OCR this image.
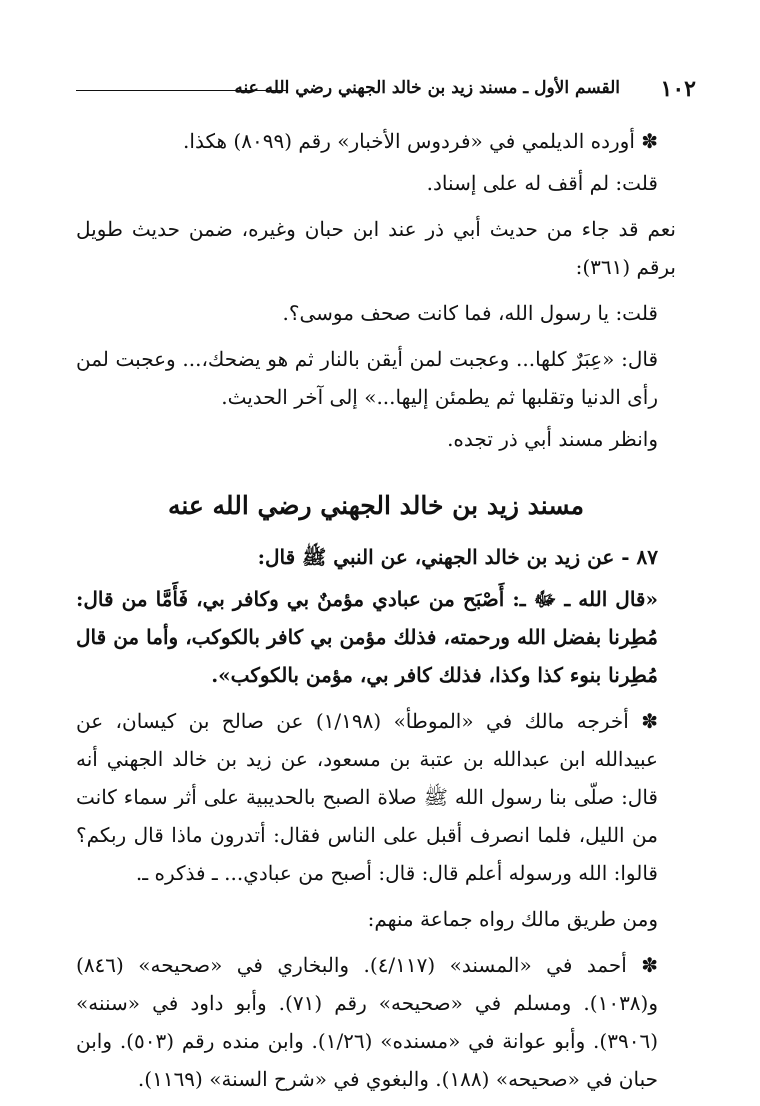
١٠٢
القسم الأول ـ مسند زيد بن خالد الجهني رضي الله عنه

✽ أورده الديلمي في «فردوس الأخبار» رقم (٨٠٩٩) هكذا.

قلت: لم أقف له على إسناد.

نعم قد جاء من حديث أبي ذر عند ابن حبان وغيره، ضمن حديث طويل برقم (٣٦١):

قلت: يا رسول الله، فما كانت صحف موسى؟.

قال: «عِبَرٌ كلها... وعجبت لمن أيقن بالنار ثم هو يضحك،... وعجبت لمن رأى الدنيا وتقلبها ثم يطمئن إليها...» إلى آخر الحديث.

وانظر مسند أبي ذر تجده.

مسند زيد بن خالد الجهني رضي الله عنه

٨٧ - عن زيد بن خالد الجهني، عن النبي ﷺ قال:

«قال الله ـ ﷻ ـ: أَصْبَح من عبادي مؤمنٌ بي وكافر بي، فَأَمَّا من قال: مُطِرنا بفضل الله ورحمته، فذلك مؤمن بي كافر بالكوكب، وأما من قال مُطِرنا بنوء كذا وكذا، فذلك كافر بي، مؤمن بالكوكب».

✽ أخرجه مالك في «الموطأ» (١/١٩٨) عن صالح بن كيسان، عن عبيدالله ابن عبدالله بن عتبة بن مسعود، عن زيد بن خالد الجهني أنه قال: صلّى بنا رسول الله ﷺ صلاة الصبح بالحديبية على أثر سماء كانت من الليل، فلما انصرف أقبل على الناس فقال: أتدرون ماذا قال ربكم؟ قالوا: الله ورسوله أعلم قال: قال: أصبح من عبادي... ـ فذكره ـ.

ومن طريق مالك رواه جماعة منهم:

✽ أحمد في «المسند» (٤/١١٧). والبخاري في «صحيحه» (٨٤٦) و(١٠٣٨). ومسلم في «صحيحه» رقم (٧١). وأبو داود في «سننه» (٣٩٠٦). وأبو عوانة في «مسنده» (١/٢٦). وابن منده رقم (٥٠٣). وابن حبان في «صحيحه» (١٨٨). والبغوي في «شرح السنة» (١١٦٩).
